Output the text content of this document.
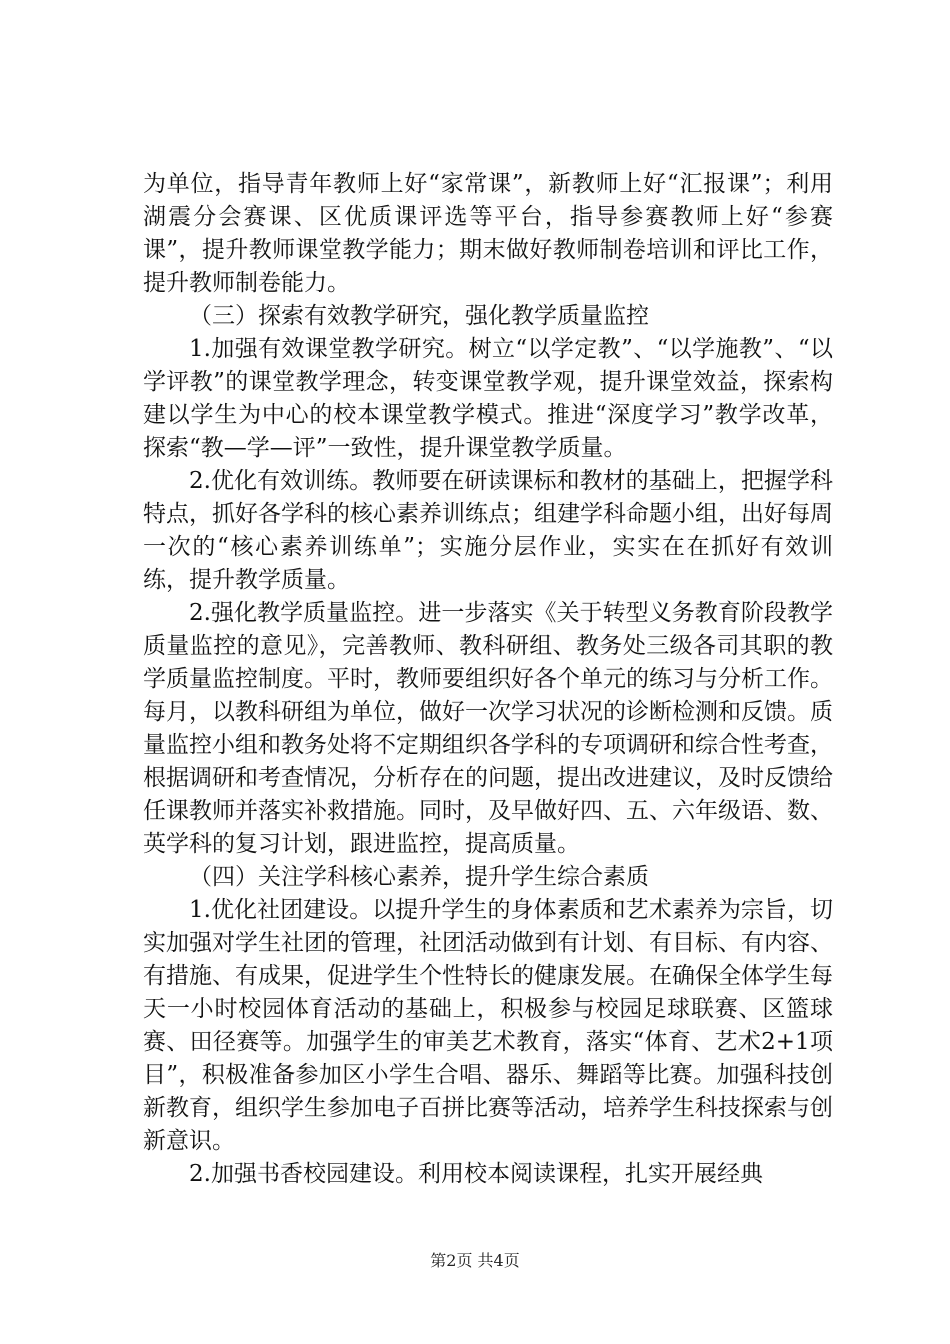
为单位，指导青年教师上好“家常课”，新教师上好“汇报课”；利用湖震分会赛课、区优质课评选等平台，指导参赛教师上好“参赛课”，提升教师课堂教学能力；期末做好教师制卷培训和评比工作，提升教师制卷能力。

（三）探索有效教学研究，强化教学质量监控

1.加强有效课堂教学研究。树立“以学定教”、“以学施教”、“以学评教”的课堂教学理念，转变课堂教学观，提升课堂效益，探索构建以学生为中心的校本课堂教学模式。推进“深度学习”教学改革，探索“教—学—评”一致性，提升课堂教学质量。

2.优化有效训练。教师要在研读课标和教材的基础上，把握学科特点，抓好各学科的核心素养训练点；组建学科命题小组，出好每周一次的“核心素养训练单”；实施分层作业，实实在在抓好有效训练，提升教学质量。

2.强化教学质量监控。进一步落实《关于转型义务教育阶段教学质量监控的意见》，完善教师、教科研组、教务处三级各司其职的教学质量监控制度。平时，教师要组织好各个单元的练习与分析工作。每月，以教科研组为单位，做好一次学习状况的诊断检测和反馈。质量监控小组和教务处将不定期组织各学科的专项调研和综合性考查，根据调研和考查情况，分析存在的问题，提出改进建议，及时反馈给任课教师并落实补救措施。同时，及早做好四、五、六年级语、数、英学科的复习计划，跟进监控，提高质量。

（四）关注学科核心素养，提升学生综合素质

1.优化社团建设。以提升学生的身体素质和艺术素养为宗旨，切实加强对学生社团的管理，社团活动做到有计划、有目标、有内容、有措施、有成果，促进学生个性特长的健康发展。在确保全体学生每天一小时校园体育活动的基础上，积极参与校园足球联赛、区篮球赛、田径赛等。加强学生的审美艺术教育，落实“体育、艺术2+1项目”，积极准备参加区小学生合唱、器乐、舞蹈等比赛。加强科技创新教育，组织学生参加电子百拼比赛等活动，培养学生科技探索与创新意识。

2.加强书香校园建设。利用校本阅读课程，扎实开展经典

第2页 共4页
